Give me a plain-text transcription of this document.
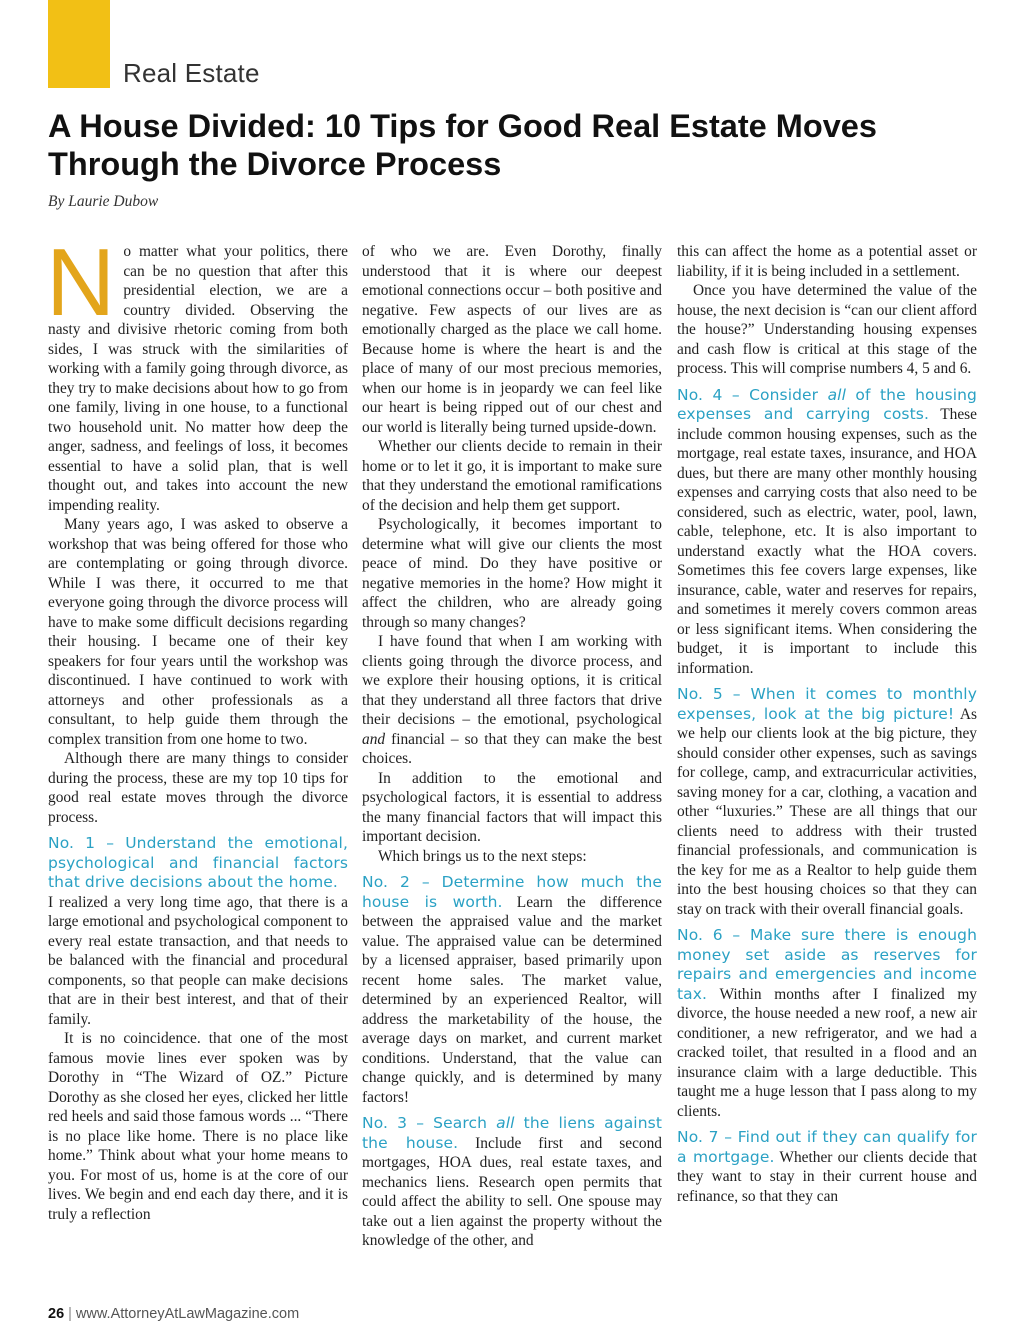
Real Estate
A House Divided: 10 Tips for Good Real Estate Moves Through the Divorce Process

By Laurie Dubow

No matter what your politics, there can be no question that after this presidential election, we are a country divided. Observing the nasty and divisive rhetoric coming from both sides, I was struck with the similarities of working with a family going through divorce, as they try to make decisions about how to go from one family, living in one house, to a functional two household unit. No matter how deep the anger, sadness, and feelings of loss, it becomes essential to have a solid plan, that is well thought out, and takes into account the new impending reality.

Many years ago, I was asked to observe a workshop that was being offered for those who are contemplating or going through divorce. While I was there, it occurred to me that everyone going through the divorce process will have to make some difficult decisions regarding their housing. I became one of their key speakers for four years until the workshop was discontinued. I have continued to work with attorneys and other professionals as a consultant, to help guide them through the complex transition from one home to two.

Although there are many things to consider during the process, these are my top 10 tips for good real estate moves through the divorce process.

No. 1 – Understand the emotional, psychological and financial factors that drive decisions about the home.

I realized a very long time ago, that there is a large emotional and psychological component to every real estate transaction, and that needs to be balanced with the financial and procedural components, so that people can make decisions that are in their best interest, and that of their family.

It is no coincidence. that one of the most famous movie lines ever spoken was by Dorothy in “The Wizard of OZ.” Picture Dorothy as she closed her eyes, clicked her little red heels and said those famous words ... “There is no place like home. There is no place like home.” Think about what your home means to you. For most of us, home is at the core of our lives. We begin and end each day there, and it is truly a reflection

of who we are. Even Dorothy, finally understood that it is where our deepest emotional connections occur – both positive and negative. Few aspects of our lives are as emotionally charged as the place we call home. Because home is where the heart is and the place of many of our most precious memories, when our home is in jeopardy we can feel like our heart is being ripped out of our chest and our world is literally being turned upside-down.

Whether our clients decide to remain in their home or to let it go, it is important to make sure that they understand the emotional ramifications of the decision and help them get support.

Psychologically, it becomes important to determine what will give our clients the most peace of mind. Do they have positive or negative memories in the home? How might it affect the children, who are already going through so many changes?

I have found that when I am working with clients going through the divorce process, and we explore their housing options, it is critical that they understand all three factors that drive their decisions – the emotional, psychological and financial – so that they can make the best choices.

In addition to the emotional and psychological factors, it is essential to address the many financial factors that will impact this important decision.

Which brings us to the next steps:

No. 2 – Determine how much the house is worth. Learn the difference between the appraised value and the market value. The appraised value can be determined by a licensed appraiser, based primarily upon recent home sales. The market value, determined by an experienced Realtor, will address the marketability of the house, the average days on market, and current market conditions. Understand, that the value can change quickly, and is determined by many factors!

No. 3 – Search all the liens against the house. Include first and second mortgages, HOA dues, real estate taxes, and mechanics liens. Research open permits that could affect the ability to sell. One spouse may take out a lien against the property without the knowledge of the other, and

this can affect the home as a potential asset or liability, if it is being included in a settlement.

Once you have determined the value of the house, the next decision is “can our client afford the house?” Understanding housing expenses and cash flow is critical at this stage of the process. This will comprise numbers 4, 5 and 6.

No. 4 – Consider all of the housing expenses and carrying costs. These include common housing expenses, such as the mortgage, real estate taxes, insurance, and HOA dues, but there are many other monthly housing expenses and carrying costs that also need to be considered, such as electric, water, pool, lawn, cable, telephone, etc. It is also important to understand exactly what the HOA covers. Sometimes this fee covers large expenses, like insurance, cable, water and reserves for repairs, and sometimes it merely covers common areas or less significant items. When considering the budget, it is important to include this information.

No. 5 – When it comes to monthly expenses, look at the big picture! As we help our clients look at the big picture, they should consider other expenses, such as savings for college, camp, and extracurricular activities, saving money for a car, clothing, a vacation and other “luxuries.” These are all things that our clients need to address with their trusted financial professionals, and communication is the key for me as a Realtor to help guide them into the best housing choices so that they can stay on track with their overall financial goals.

No. 6 – Make sure there is enough money set aside as reserves for repairs and emergencies and income tax. Within months after I finalized my divorce, the house needed a new roof, a new air conditioner, a new refrigerator, and we had a cracked toilet, that resulted in a flood and an insurance claim with a large deductible. This taught me a huge lesson that I pass along to my clients.

No. 7 – Find out if they can qualify for a mortgage. Whether our clients decide that they want to stay in their current house and refinance, so that they can

26 | www.AttorneyAtLawMagazine.com
